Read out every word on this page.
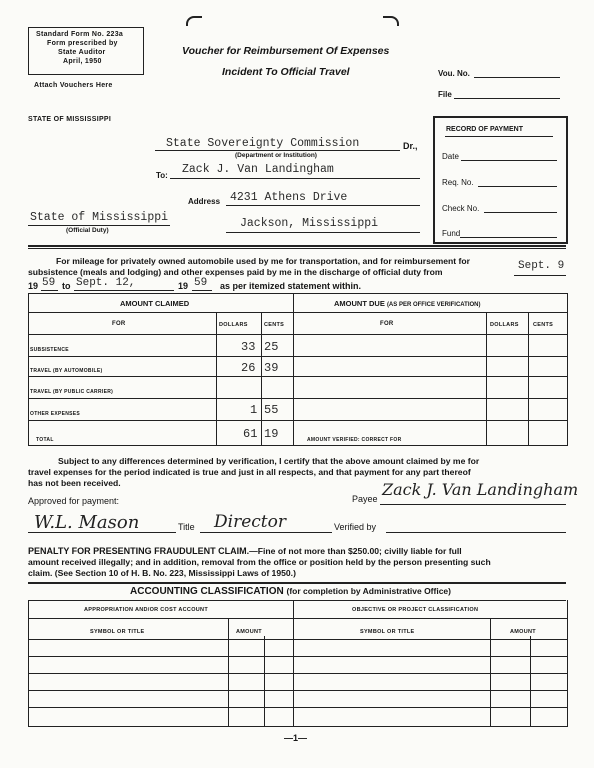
Standard Form No. 223a
Form prescribed by
State Auditor
April, 1950
Attach Vouchers Here
Voucher for Reimbursement Of Expenses
Incident To Official Travel	Vou. No.
File
STATE OF MISSISSIPPI
RECORD OF PAYMENT
Date
Req. No.
Check No.
Fund
State Sovereignty Commission	Dr.,
(Department or Institution)
To: Zack J. Van Landingham
Address 4231 Athens Drive
Jackson, Mississippi
State of Mississippi
(Official Duty)
For mileage for privately owned automobile used by me for transportation, and for reimbursement for
subsistence (meals and lodging) and other expenses paid by me in the discharge of official duty from	Sept. 9
19 59 to Sept. 12,	19 59 as per itemized statement within.
AMOUNT CLAIMED	AMOUNT DUE (AS PER OFFICE VERIFICATION)
FOR	DOLLARS	CENTS	FOR	DOLLARS	CENTS
SUBSISTENCE	33 25
TRAVEL (BY AUTOMOBILE)	26 39
TRAVEL (BY PUBLIC CARRIER)
OTHER EXPENSES	1 55
TOTAL	61 19	AMOUNT VERIFIED: CORRECT FOR
Subject to any differences determined by verification, I certify that the above amount claimed by me for
travel expenses for the period indicated is true and just in all respects, and that payment for any part thereof
has not been received.
Approved for payment:	Payee Zack J. Van Landingham
W.L. Mason	Title Director	Verified by
PENALTY FOR PRESENTING FRAUDULENT CLAIM.—Fine of not more than $250.00; civilly liable for full
amount received illegally; and in addition, removal from the office or position held by the person presenting such
claim. (See Section 10 of H. B. No. 223, Mississippi Laws of 1950.)
ACCOUNTING CLASSIFICATION (for completion by Administrative Office)
APPROPRIATION AND/OR COST ACCOUNT	OBJECTIVE OR PROJECT CLASSIFICATION
SYMBOL OR TITLE	AMOUNT	SYMBOL OR TITLE	AMOUNT
—1—
